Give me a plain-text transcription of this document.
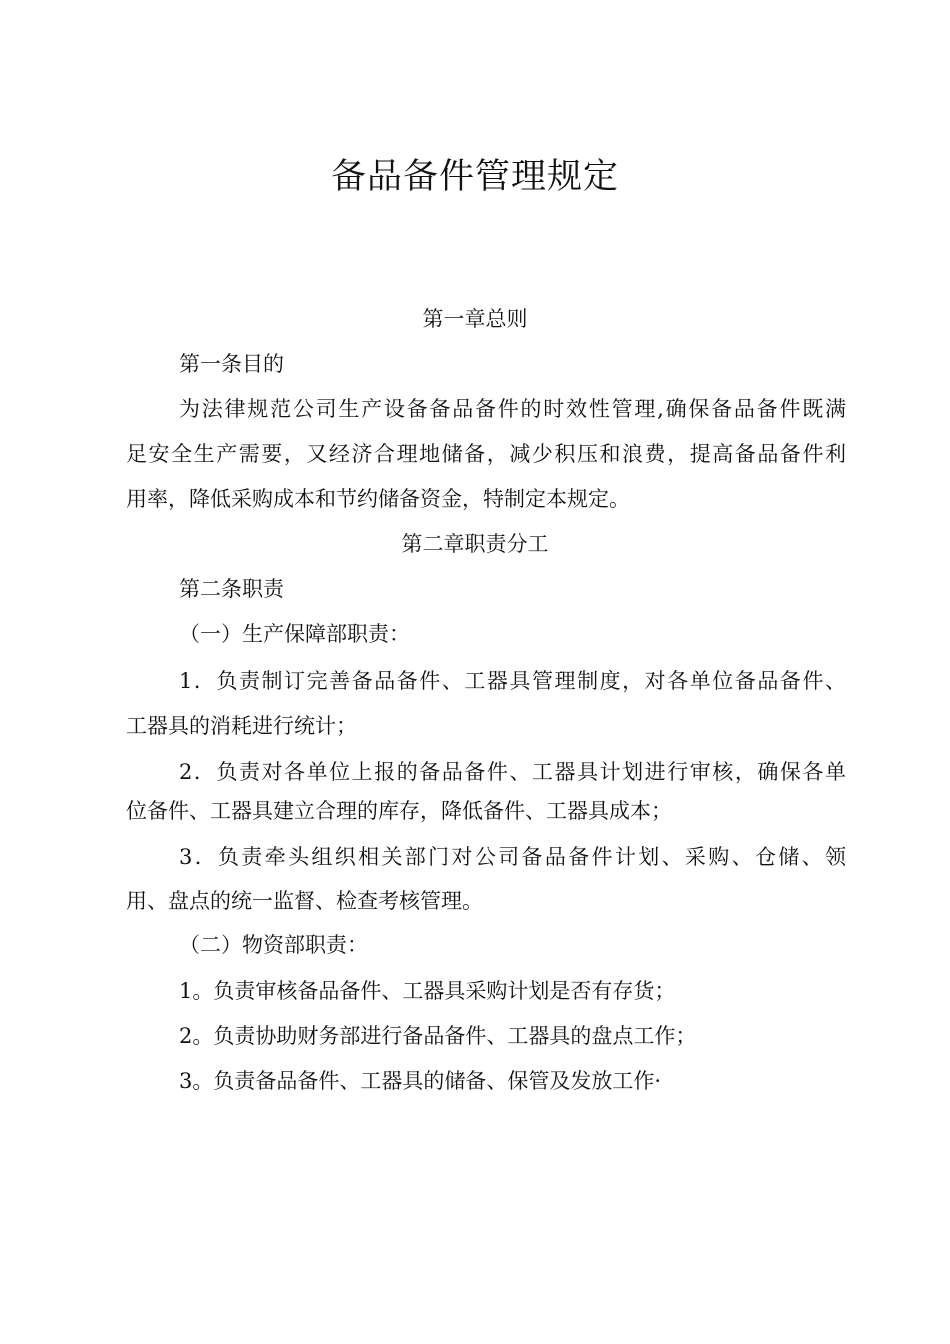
备品备件管理规定
第一章总则
第一条目的
为法律规范公司生产设备备品备件的时效性管理,确保备品备件既满
足安全生产需要，又经济合理地储备，减少积压和浪费，提高备品备件利
用率，降低采购成本和节约储备资金，特制定本规定。
第二章职责分工
第二条职责
（一）生产保障部职责：
1．负责制订完善备品备件、工器具管理制度，对各单位备品备件、
工器具的消耗进行统计；
2．负责对各单位上报的备品备件、工器具计划进行审核，确保各单
位备件、工器具建立合理的库存，降低备件、工器具成本；
3．负责牵头组织相关部门对公司备品备件计划、采购、仓储、领
用、盘点的统一监督、检查考核管理。
（二）物资部职责：
1。负责审核备品备件、工器具采购计划是否有存货；
2。负责协助财务部进行备品备件、工器具的盘点工作；
3。负责备品备件、工器具的储备、保管及发放工作·
